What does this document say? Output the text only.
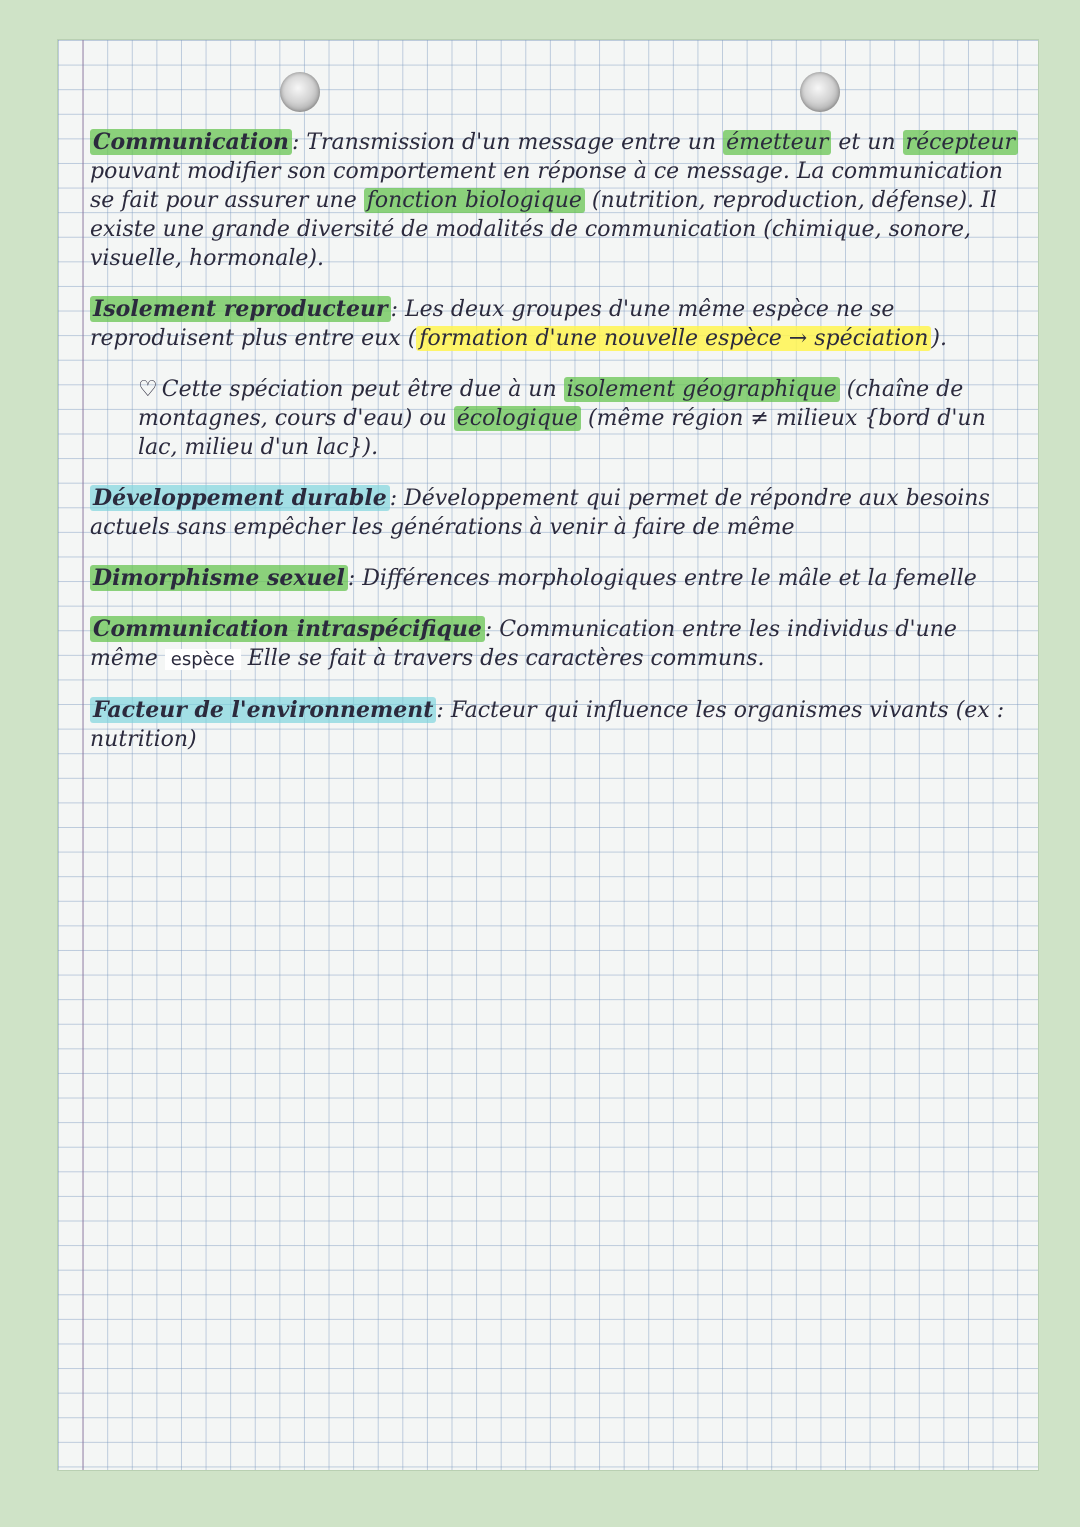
Communication : Transmission d'un message entre un émetteur et un récepteur pouvant modifier son comportement en réponse à ce message. La communication se fait pour assurer une fonction biologique (nutrition, reproduction, défense). Il existe une grande diversité de modalités de communication (chimique, sonore, visuelle, hormonale).

Isolement reproducteur : Les deux groupes d'une même espèce ne se reproduisent plus entre eux ( formation d'une nouvelle espèce → spéciation ).

♡ Cette spéciation peut être due à un isolement géographique (chaîne de montagnes, cours d'eau) ou écologique (même région ≠ milieux {bord d'un lac, milieu d'un lac}).

Développement durable : Développement qui permet de répondre aux besoins actuels sans empêcher les générations à venir à faire de même

Dimorphisme sexuel : Différences morphologiques entre le mâle et la femelle

Communication intraspécifique : Communication entre les individus d'une même espèce Elle se fait à travers des caractères communs.

Facteur de l'environnement : Facteur qui influence les organismes vivants (ex : nutrition)
